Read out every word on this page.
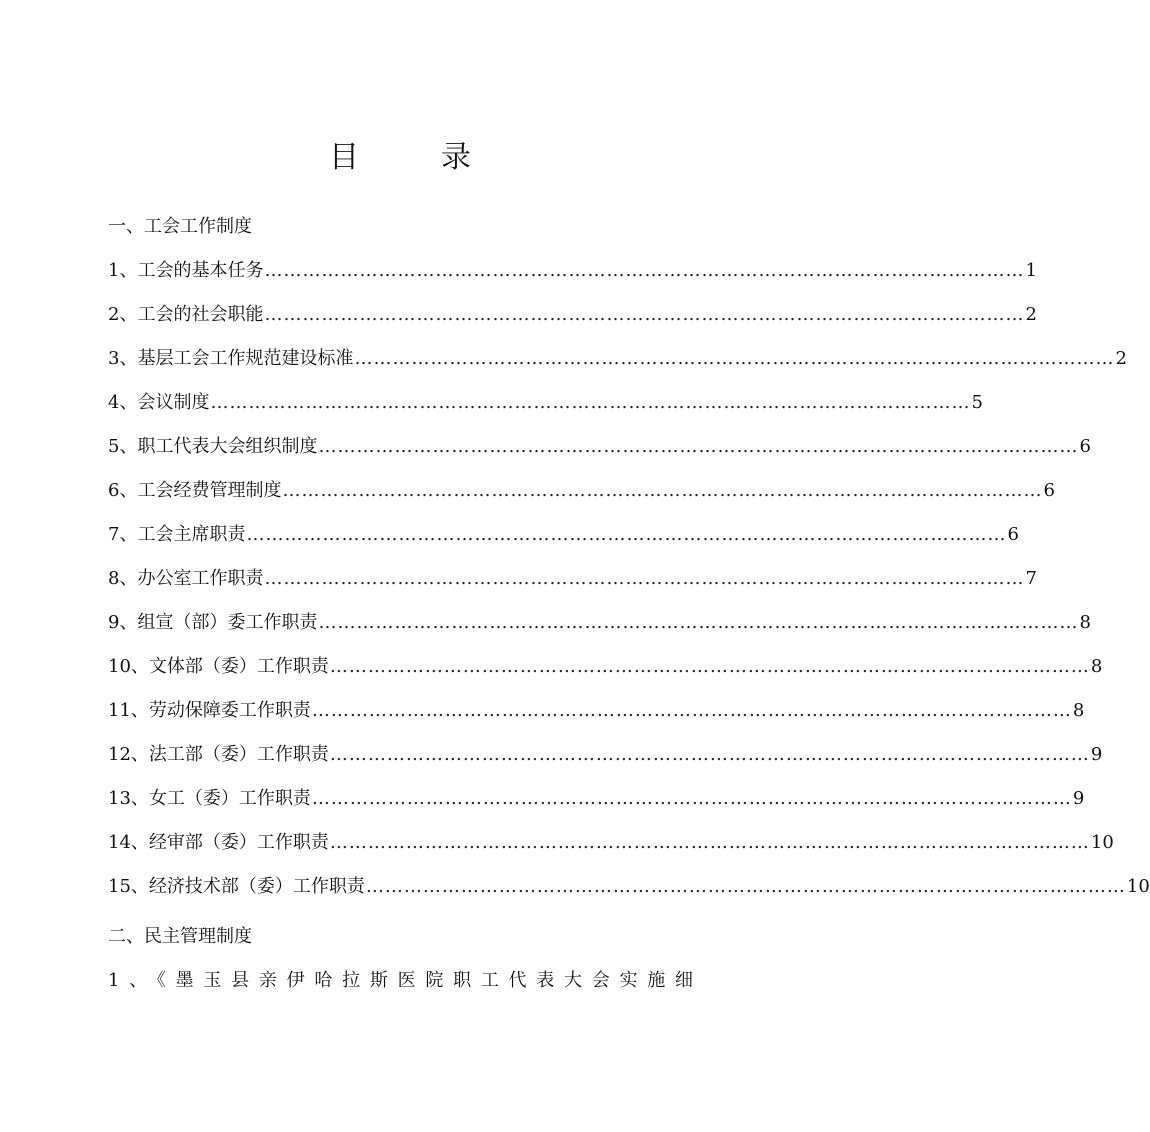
目　录
一、工会工作制度
1、工会的基本任务 ………………………………………………………………………………………………………… 1
2、工会的社会职能 ………………………………………………………………………………………………………… 2
3、基层工会工作规范建设标准 ………………………………………………………………………………………………………… 2
4、会议制度 ………………………………………………………………………………………………………… 5
5、职工代表大会组织制度 ………………………………………………………………………………………………………… 6
6、工会经费管理制度 ………………………………………………………………………………………………………… 6
7、工会主席职责 ………………………………………………………………………………………………………… 6
8、办公室工作职责 ………………………………………………………………………………………………………… 7
9、组宣（部）委工作职责 ………………………………………………………………………………………………………… 8
10、文体部（委）工作职责 ………………………………………………………………………………………………………… 8
11、劳动保障委工作职责 ………………………………………………………………………………………………………… 8
12、法工部（委）工作职责 ………………………………………………………………………………………………………… 9
13、女工（委）工作职责 ………………………………………………………………………………………………………… 9
14、经审部（委）工作职责 ………………………………………………………………………………………………………… 10
15、经济技术部（委）工作职责 ………………………………………………………………………………………………………… 10
二、民主管理制度
1、《墨玉县亲伊哈拉斯医院职工代表大会实施细
